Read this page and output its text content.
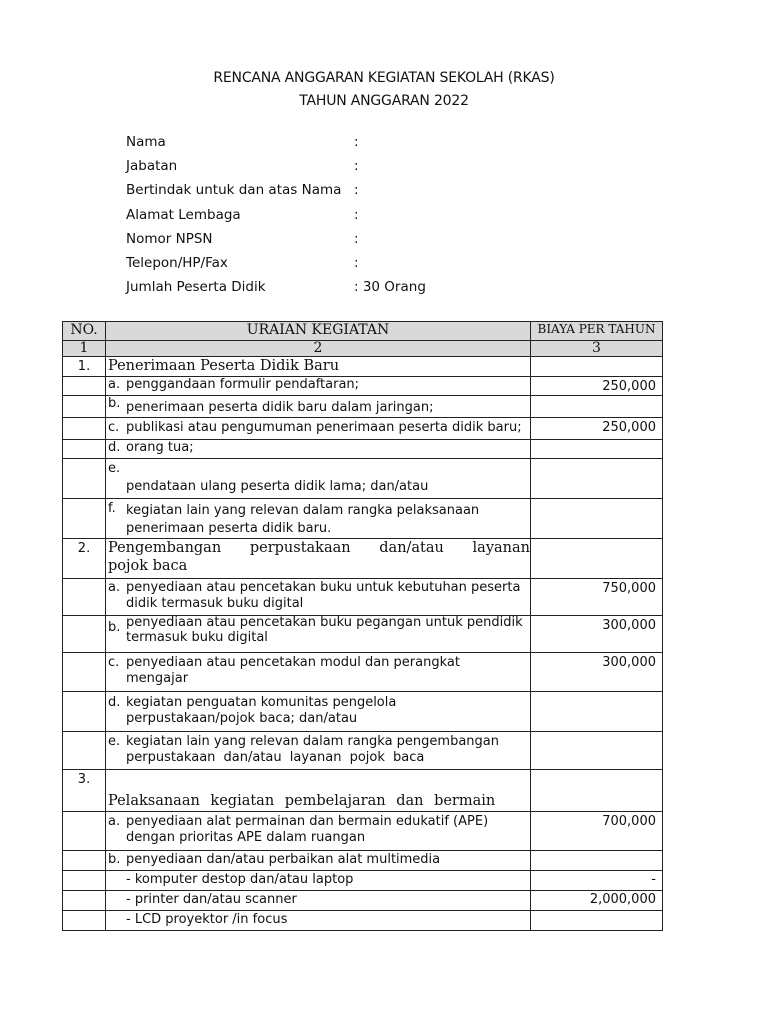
RENCANA ANGGARAN KEGIATAN SEKOLAH (RKAS)
TAHUN ANGGARAN 2022
Nama	:
Jabatan	:
Bertindak untuk dan atas Nama :
Alamat Lembaga	:
Nomor NPSN	:
Telepon/HP/Fax	:
Jumlah Peserta Didik	: 30 Orang
NO.	URAIAN KEGIATAN	BIAYA PER TAHUN

1	2	3
1.	Penerimaan Peserta Didik Baru	

	a. penggandaan formulir pendaftaran;	250,000

	b. penerimaan peserta didik baru dalam jaringan;	

	c. publikasi atau pengumuman penerimaan peserta didik baru;	250,000

	d. orang tua;	

	e.
pendataan ulang peserta didik lama; dan/atau	

	f. kegiatan lain yang relevan dalam rangka pelaksanaan
penerimaan peserta didik baru.	

2.	Pengembangan perpustakaan dan/atau layanan
pojok baca	

	a. penyediaan atau pencetakan buku untuk kebutuhan peserta
didik termasuk buku digital	750,000

	b. penyediaan atau pencetakan buku pegangan untuk pendidik
termasuk buku digital	300,000

	c. penyediaan atau pencetakan modul dan perangkat
mengajar	300,000

	d. kegiatan penguatan komunitas pengelola
perpustakaan/pojok baca; dan/atau	

	e. kegiatan lain yang relevan dalam rangka pengembangan
perpustakaan dan/atau layanan pojok baca	

3.	Pelaksanaan kegiatan pembelajaran dan bermain	

	a. penyediaan alat permainan dan bermain edukatif (APE)
dengan prioritas APE dalam ruangan	700,000

	b. penyediaan dan/atau perbaikan alat multimedia	

	- komputer destop dan/atau laptop	-
	- printer dan/atau scanner	2,000,000
	- LCD proyektor /in focus	
